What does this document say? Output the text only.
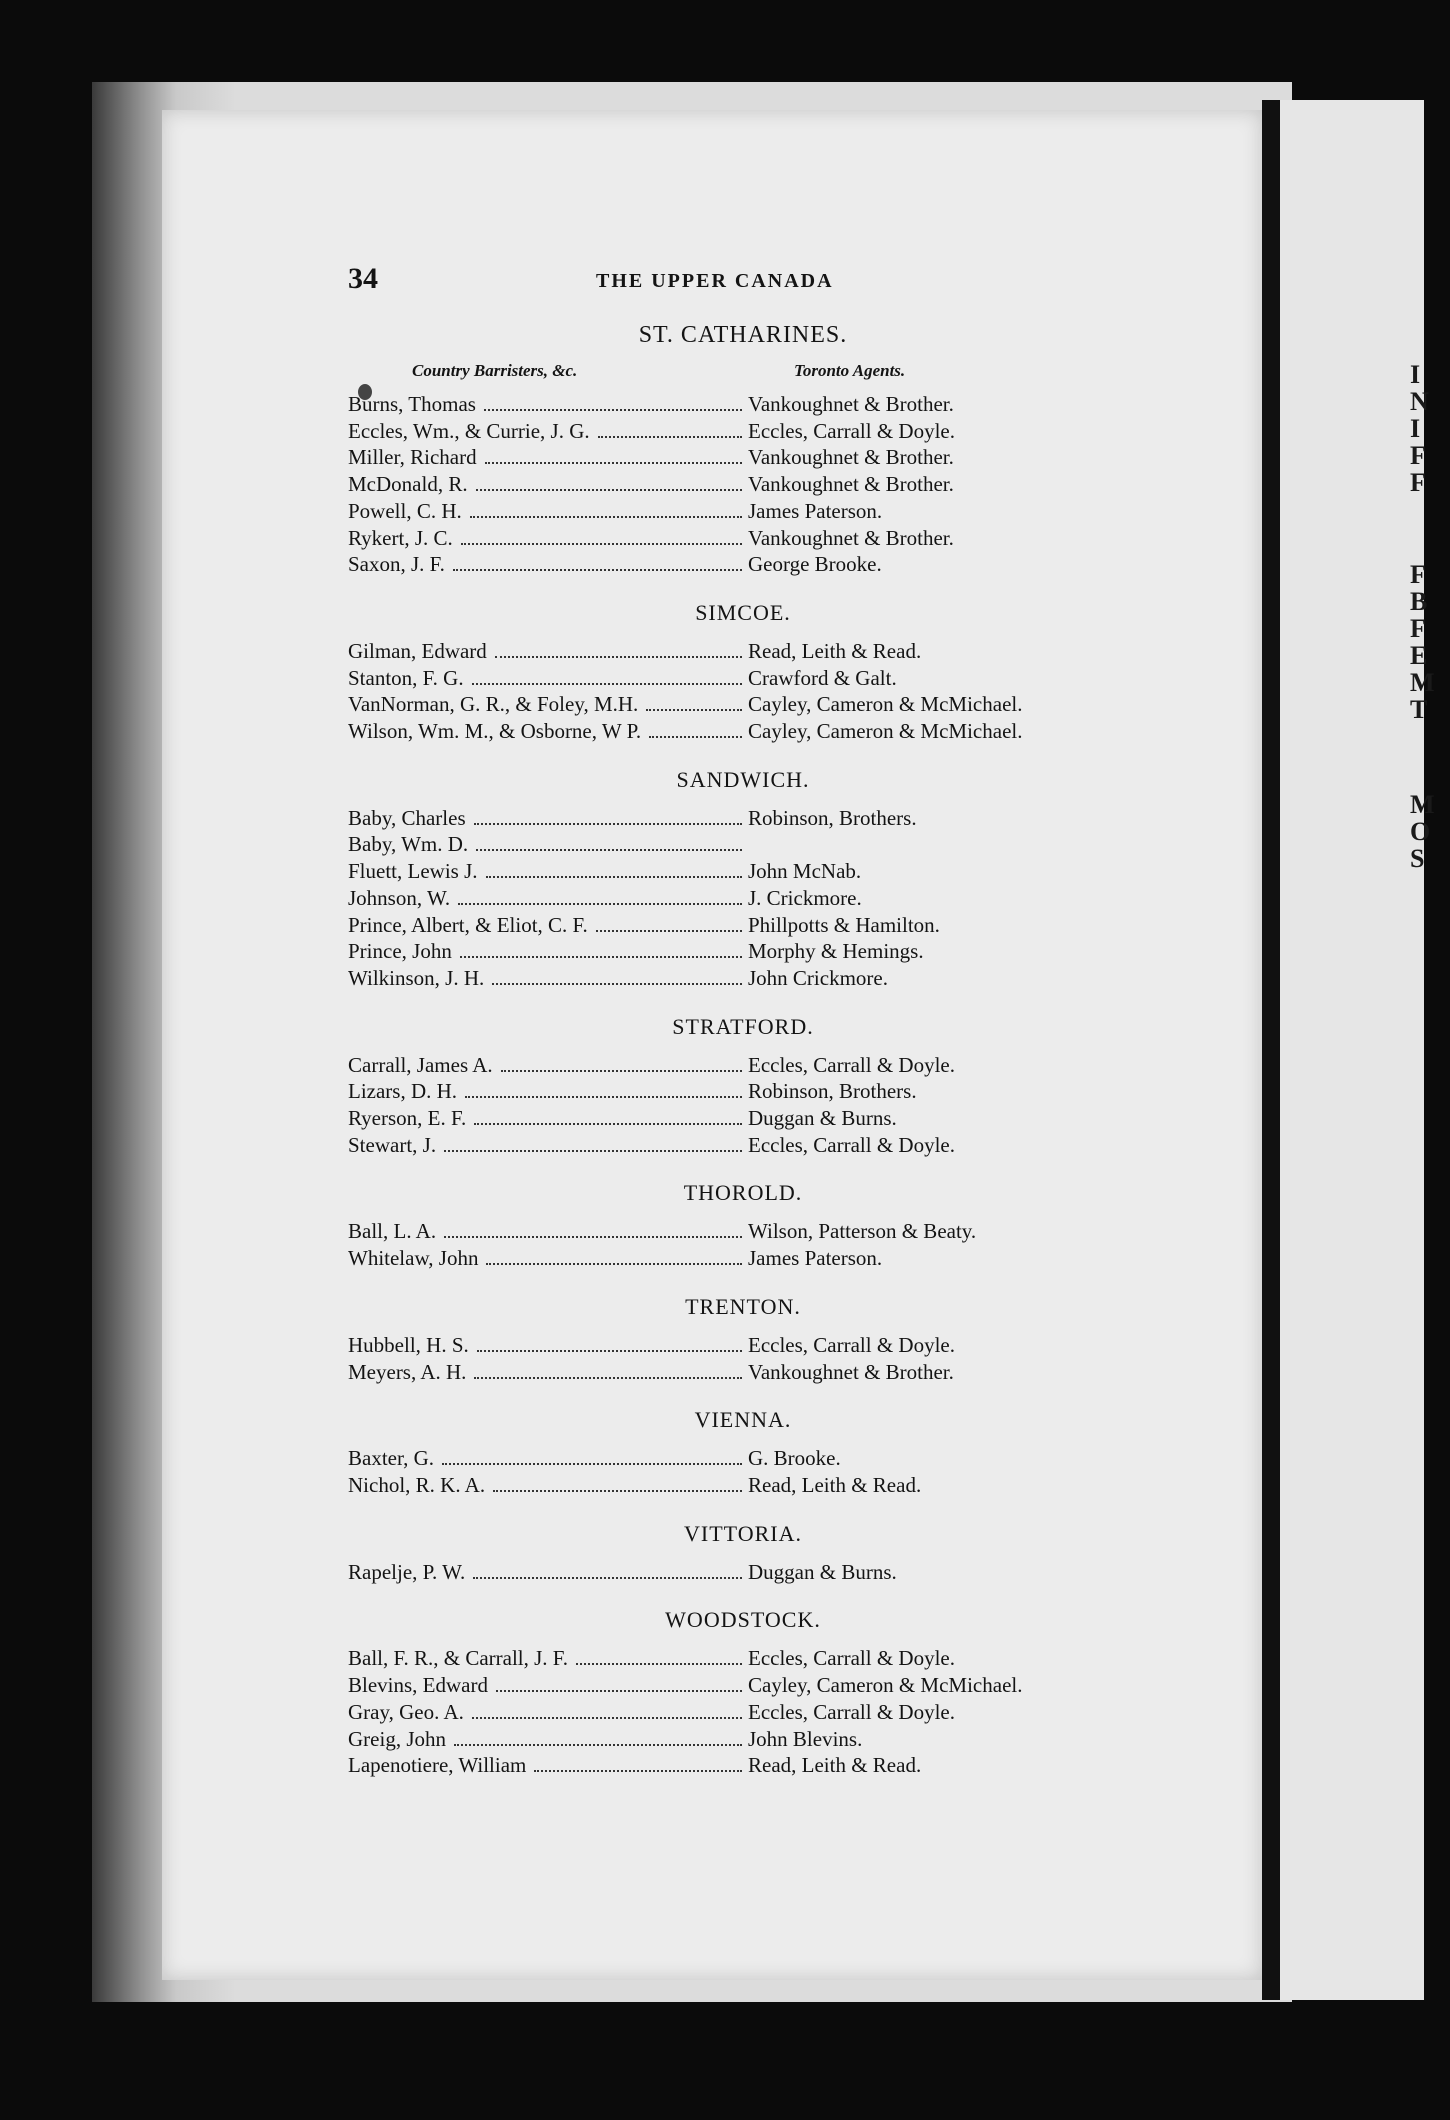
34	THE UPPER CANADA
ST. CATHARINES.
Country Barristers, &c.	Toronto Agents.
Burns, Thomas	Vankoughnet & Brother.
Eccles, Wm., & Currie, J. G.	Eccles, Carrall & Doyle.
Miller, Richard	Vankoughnet & Brother.
McDonald, R.	Vankoughnet & Brother.
Powell, C. H.	James Paterson.
Rykert, J. C.	Vankoughnet & Brother.
Saxon, J. F.	George Brooke.
SIMCOE.
Gilman, Edward	Read, Leith & Read.
Stanton, F. G.	Crawford & Galt.
VanNorman, G. R., & Foley, M.H.	Cayley, Cameron & McMichael.
Wilson, Wm. M., & Osborne, W P.	Cayley, Cameron & McMichael.
SANDWICH.
Baby, Charles	Robinson, Brothers.
Baby, Wm. D.
Fluett, Lewis J.	John McNab.
Johnson, W.	J. Crickmore.
Prince, Albert, & Eliot, C. F.	Phillpotts & Hamilton.
Prince, John	Morphy & Hemings.
Wilkinson, J. H.	John Crickmore.
STRATFORD.
Carrall, James A.	Eccles, Carrall & Doyle.
Lizars, D. H.	Robinson, Brothers.
Ryerson, E. F.	Duggan & Burns.
Stewart, J.	Eccles, Carrall & Doyle.
THOROLD.
Ball, L. A.	Wilson, Patterson & Beaty.
Whitelaw, John	James Paterson.
TRENTON.
Hubbell, H. S.	Eccles, Carrall & Doyle.
Meyers, A. H.	Vankoughnet & Brother.
VIENNA.
Baxter, G.	G. Brooke.
Nichol, R. K. A.	Read, Leith & Read.
VITTORIA.
Rapelje, P. W.	Duggan & Burns.
WOODSTOCK.
Ball, F. R., & Carrall, J. F.	Eccles, Carrall & Doyle.
Blevins, Edward	Cayley, Cameron & McMichael.
Gray, Geo. A.	Eccles, Carrall & Doyle.
Greig, John	John Blevins.
Lapenotiere, William	Read, Leith & Read.
I
N
I
F
F
F
B
F
E
M
T
M
O
S
